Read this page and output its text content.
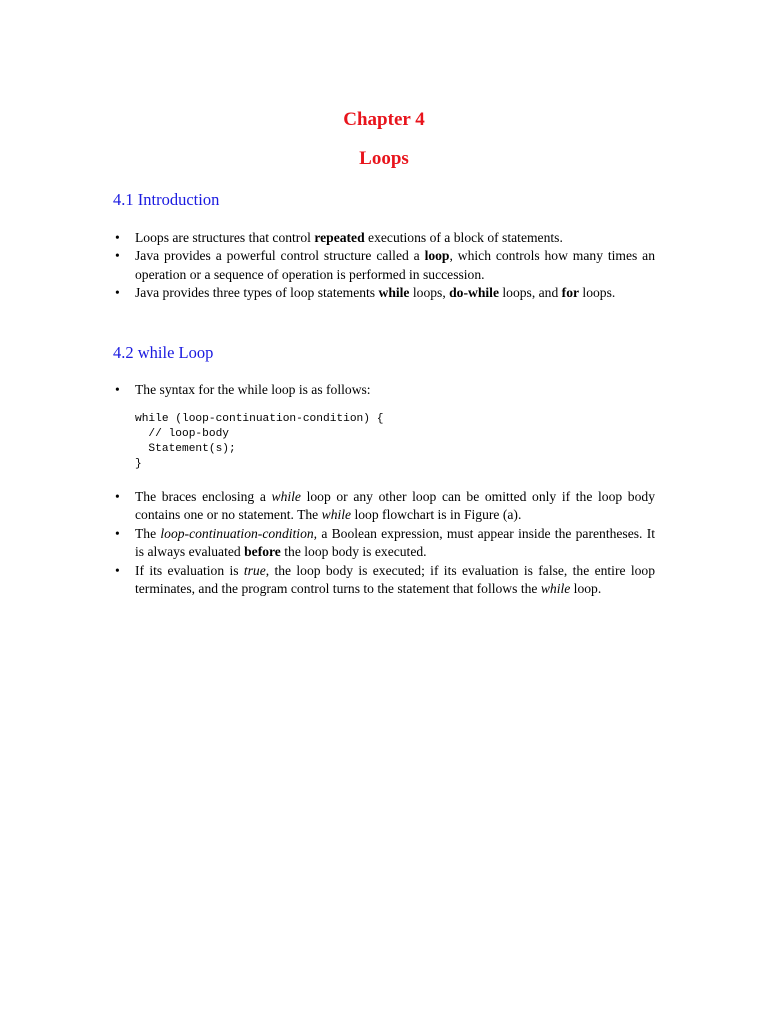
Chapter 4
Loops
4.1 Introduction
• Loops are structures that control repeated executions of a block of statements.
• Java provides a powerful control structure called a loop, which controls how many times an operation or a sequence of operation is performed in succession.
• Java provides three types of loop statements while loops, do-while loops, and for loops.
4.2 while Loop
• The syntax for the while loop is as follows:
while (loop-continuation-condition) {
// loop-body
Statement(s);
}
• The braces enclosing a while loop or any other loop can be omitted only if the loop body contains one or no statement. The while loop flowchart is in Figure (a).
• The loop-continuation-condition, a Boolean expression, must appear inside the parentheses. It is always evaluated before the loop body is executed.
• If its evaluation is true, the loop body is executed; if its evaluation is false, the entire loop terminates, and the program control turns to the statement that follows the while loop.
